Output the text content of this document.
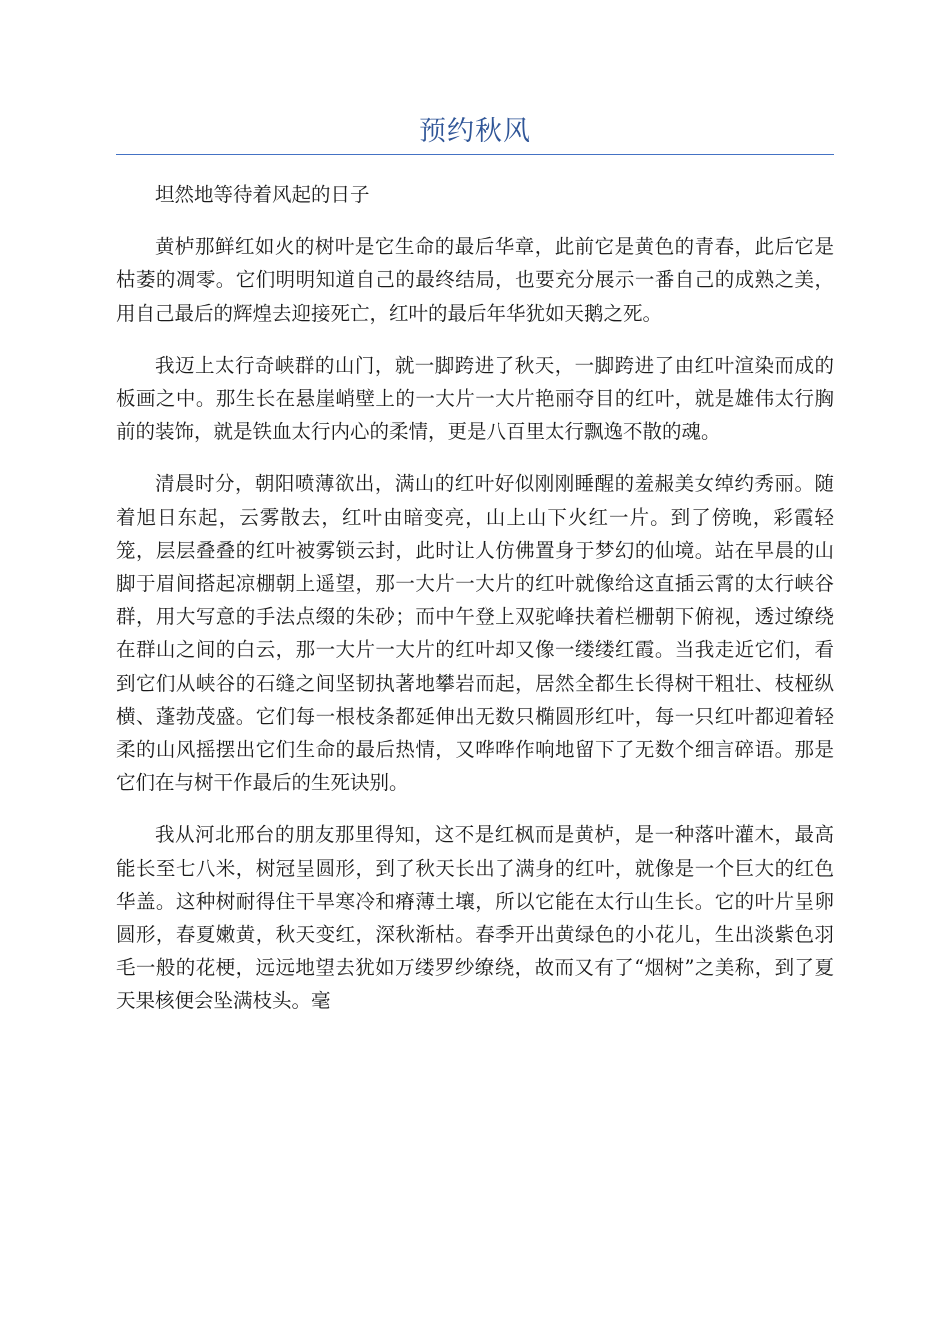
预约秋风

坦然地等待着风起的日子

黄栌那鲜红如火的树叶是它生命的最后华章，此前它是黄色的青春，此后它是枯萎的凋零。它们明明知道自己的最终结局，也要充分展示一番自己的成熟之美，用自己最后的辉煌去迎接死亡，红叶的最后年华犹如天鹅之死。

我迈上太行奇峡群的山门，就一脚跨进了秋天，一脚跨进了由红叶渲染而成的板画之中。那生长在悬崖峭壁上的一大片一大片艳丽夺目的红叶，就是雄伟太行胸前的装饰，就是铁血太行内心的柔情，更是八百里太行飘逸不散的魂。

清晨时分，朝阳喷薄欲出，满山的红叶好似刚刚睡醒的羞赧美女绰约秀丽。随着旭日东起，云雾散去，红叶由暗变亮，山上山下火红一片。到了傍晚，彩霞轻笼，层层叠叠的红叶被雾锁云封，此时让人仿佛置身于梦幻的仙境。站在早晨的山脚于眉间搭起凉棚朝上遥望，那一大片一大片的红叶就像给这直插云霄的太行峡谷群，用大写意的手法点缀的朱砂；而中午登上双驼峰扶着栏栅朝下俯视，透过缭绕在群山之间的白云，那一大片一大片的红叶却又像一缕缕红霞。当我走近它们，看到它们从峡谷的石缝之间坚韧执著地攀岩而起，居然全都生长得树干粗壮、枝桠纵横、蓬勃茂盛。它们每一根枝条都延伸出无数只椭圆形红叶，每一只红叶都迎着轻柔的山风摇摆出它们生命的最后热情，又哗哗作响地留下了无数个细言碎语。那是它们在与树干作最后的生死诀别。

我从河北邢台的朋友那里得知，这不是红枫而是黄栌，是一种落叶灌木，最高能长至七八米，树冠呈圆形，到了秋天长出了满身的红叶，就像是一个巨大的红色华盖。这种树耐得住干旱寒冷和瘠薄土壤，所以它能在太行山生长。它的叶片呈卵圆形，春夏嫩黄，秋天变红，深秋渐枯。春季开出黄绿色的小花儿，生出淡紫色羽毛一般的花梗，远远地望去犹如万缕罗纱缭绕，故而又有了“烟树”之美称，到了夏天果核便会坠满枝头。毫
